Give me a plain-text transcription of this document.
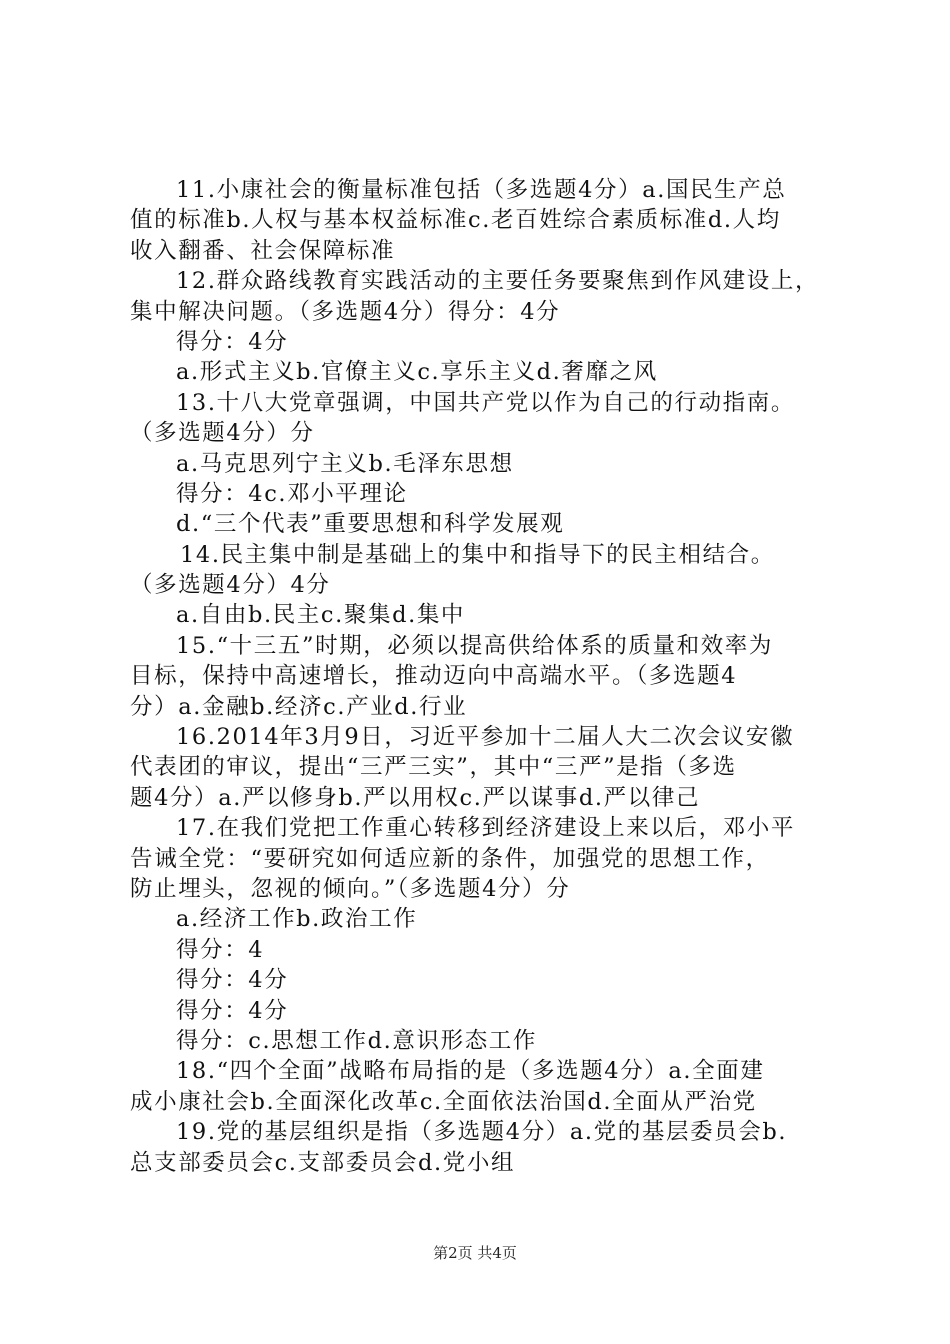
11.小康社会的衡量标准包括（多选题4分）a.国民生产总
值的标准b.人权与基本权益标准c.老百姓综合素质标准d.人均
收入翻番、社会保障标准
12.群众路线教育实践活动的主要任务要聚焦到作风建设上，
集中解决问题。（多选题4分）得分：4分
得分：4分
a.形式主义b.官僚主义c.享乐主义d.奢靡之风
13.十八大党章强调，中国共产党以作为自己的行动指南。
（多选题4分）分
a.马克思列宁主义b.毛泽东思想
得分：4c.邓小平理论
d.“三个代表”重要思想和科学发展观
14.民主集中制是基础上的集中和指导下的民主相结合。
（多选题4分）4分
a.自由b.民主c.聚集d.集中
15.“十三五”时期，必须以提高供给体系的质量和效率为
目标，保持中高速增长，推动迈向中高端水平。（多选题4
分）a.金融b.经济c.产业d.行业
16.2014年3月9日，习近平参加十二届人大二次会议安徽
代表团的审议，提出“三严三实”，其中“三严”是指（多选
题4分）a.严以修身b.严以用权c.严以谋事d.严以律己
17.在我们党把工作重心转移到经济建设上来以后，邓小平
告诫全党：“要研究如何适应新的条件，加强党的思想工作，
防止埋头，忽视的倾向。”（多选题4分）分
a.经济工作b.政治工作
得分：4
得分：4分
得分：4分
得分：c.思想工作d.意识形态工作
18.“四个全面”战略布局指的是（多选题4分）a.全面建
成小康社会b.全面深化改革c.全面依法治国d.全面从严治党
19.党的基层组织是指（多选题4分）a.党的基层委员会b.
总支部委员会c.支部委员会d.党小组
第2页 共4页
